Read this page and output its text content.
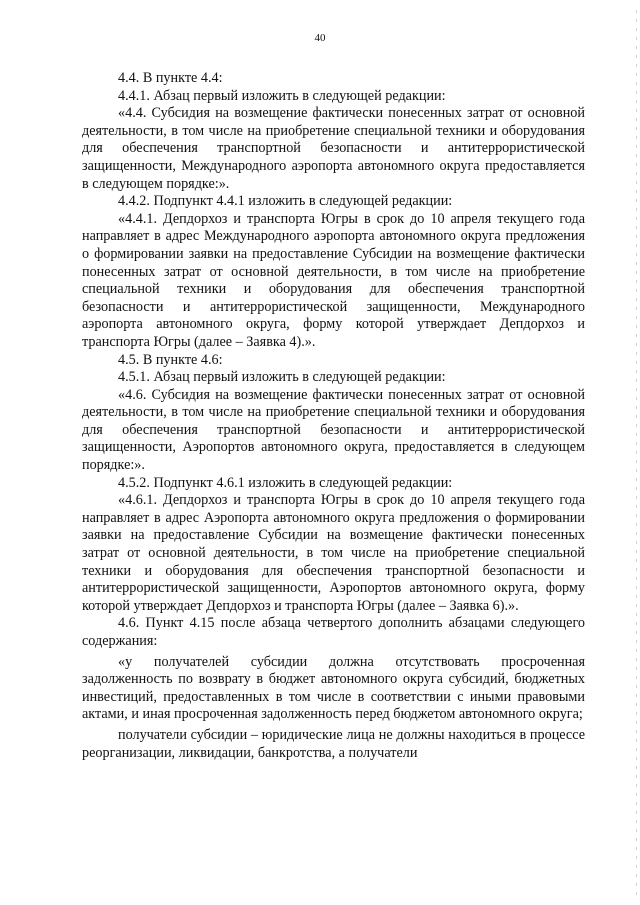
40

4.4. В пункте 4.4:

4.4.1. Абзац первый изложить в следующей редакции:

«4.4. Субсидия на возмещение фактически понесенных затрат от основной деятельности, в том числе на приобретение специальной техники и оборудования для обеспечения транспортной безопасности и антитеррористической защищенности, Международного аэропорта автономного округа предоставляется в следующем порядке:».

4.4.2. Подпункт 4.4.1 изложить в следующей редакции:

«4.4.1. Депдорхоз и транспорта Югры в срок до 10 апреля текущего года направляет в адрес Международного аэропорта автономного округа предложения о формировании заявки на предоставление Субсидии на возмещение фактически понесенных затрат от основной деятельности, в том числе на приобретение специальной техники и оборудования для обеспечения транспортной безопасности и антитеррористической защищенности, Международного аэропорта автономного округа, форму которой утверждает Депдорхоз и транспорта Югры (далее – Заявка 4).».

4.5. В пункте 4.6:

4.5.1. Абзац первый изложить в следующей редакции:

«4.6. Субсидия на возмещение фактически понесенных затрат от основной деятельности, в том числе на приобретение специальной техники и оборудования для обеспечения транспортной безопасности и антитеррористической защищенности, Аэропортов автономного округа, предоставляется в следующем порядке:».

4.5.2. Подпункт 4.6.1 изложить в следующей редакции:

«4.6.1. Депдорхоз и транспорта Югры в срок до 10 апреля текущего года направляет в адрес Аэропорта автономного округа предложения о формировании заявки на предоставление Субсидии на возмещение фактически понесенных затрат от основной деятельности, в том числе на приобретение специальной техники и оборудования для обеспечения транспортной безопасности и антитеррористической защищенности, Аэропортов автономного округа, форму которой утверждает Депдорхоз и транспорта Югры (далее – Заявка 6).».

4.6. Пункт 4.15 после абзаца четвертого дополнить абзацами следующего содержания:

«у получателей субсидии должна отсутствовать просроченная задолженность по возврату в бюджет автономного округа субсидий, бюджетных инвестиций, предоставленных в том числе в соответствии с иными правовыми актами, и иная просроченная задолженность перед бюджетом автономного округа;

получатели субсидии – юридические лица не должны находиться в процессе реорганизации, ликвидации, банкротства, а получатели
